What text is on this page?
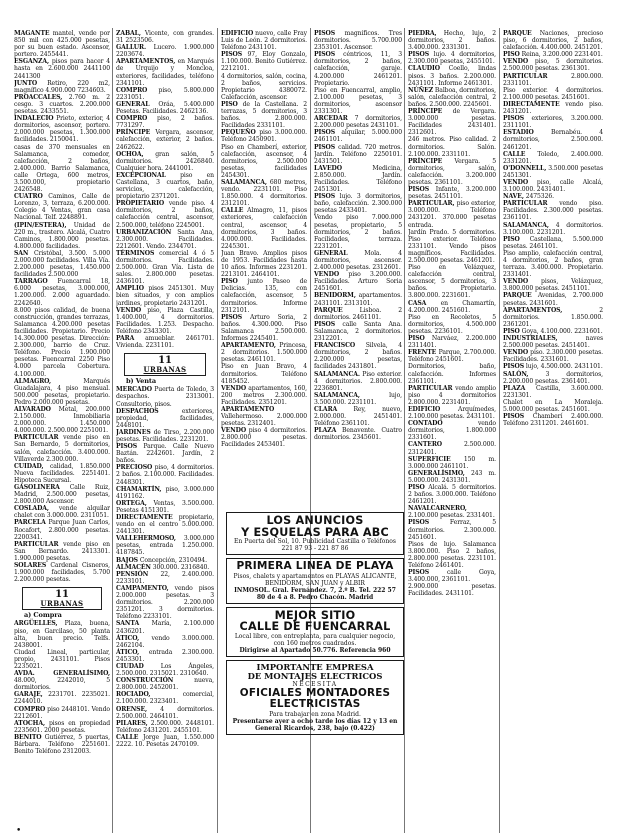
MAGANTE mantel, vende por 850 mil con 425.000 pesetas, por su buen estado. Ascensor, portero. 2455441.

ESGANZA, pisos para hacer 4 hasta en 2.600.000 2441100 2441300

JUNTO Retiro, 220 m2, magnífico 4.900.000 7234603.

PROACCALES, 2.760 m. 2 cesgo. 3 cuartos. 2.200.000 pesetas. 2433551.

INDALECIO Prieto, exterior, 4 dormitorios, ascensor, portero. 2.000.000 pesetas, 1.300.000 facilidades. 2150041.

casas de 370 mensuales en Salamanca, comedor, calefacción, 2 baños, 2.400.000. Barrio Salamanca, calle Ortega, 600 metros, 3.500.000, propietario 2426548.

CUATRO Caminos, Calle de Lorenzo, 3, terraza, 6.200.000. Colegio 4 Ventas, gran casa Nacional. Telf. 2248891.

(IPIN/ESTERA), Unidad de 220 m., trastero. Alcalá, Cuatro Caminos, 1.800.000 pesetas. 4.800.000 facilidades.

SAN Cristóbal, 3.500. 5.000 2.000.000 facilidades. Villa Vía. 2.200.000 pesetas, 1.450.000 facilidades 2.500.000

TARRAGO Fuencarral 18, 6.000 pesetas, 3.000.000, 1.200.000. 2.000 aguardado. 2242640.

8.000 pisos calidad, de buena construcción, grandes terrazas, Salamanca 4.200.000 pesetas facilidades. Propietario. Precio 14.300.000 pesetas. Dirección: 2.300.000, barrio de Cruz. Teléfono. Precio 1.900.000 pesetas. Fuencarral 2250 Piso 4.000 parcela Cobertura. 4.100.000.

ALMAGRO, Marqués Guadalajara, 4 piso mensual. 500.000 pesetas, propietario. Pedro 2.000.000 pesetas.

ALVARADO Metal, 200.000 2.150.000. Inmobiliaria 2.000.000. 1.450.000 4.000.000. 2.500.000 2251001.

PARTICULAR vende piso en San Bernardo, 5 dormitorios, salón, calefacción. 3.400.000. Villaverde 2.300.000.

CUIDAD, calidad, 1.850.000 Nueva facilidades. 2251401. Hipoteca Sucursal.

GASOLINERA Calle Ruiz, Madrid, 2.500.000 pesetas, 2.800.000 Ascensor.

COSLADA, vende alquilar chalet con 3.000.000. 2311051.

PARCELA Parque Juan Carlos, Rocafort, 2.800.000 pesetas. 2200341.

PARTICULAR vende piso en San Bernardo. 2413301. 1.900.000 pesetas.

SOLARES Cardenal Cisneros, 1.900.000 facilidades, 5.700 2.200.000 pesetas.

11
URBANAS
a) Compra

ARGÜELLES, Plaza, buena, piso, en Garcilaso, 50 planta alta, buen precio. Telfs. 2438001.

Ciudad Lineal, particular, propio, 2431101. Pisos 2235021.

AVDA. GENERALÍSIMO, 48.000, 2242010, 5 dormitorios.

GARAJE, 2231701. 2235021. 2244010.

COMPRO piso 2448101. Vendo 2212601.

ATOCHA, pisos en propiedad 2235601. 2000 pesetas.

BENITO Gutiérrez, 5 puertas, Bárbara. Teléfono 2251601. Benito Teléfono 2312003.

ZABAL, Vicente, con grandes. 31 2523506.

GALLUR. Lucero. 1.900.000 2203674.

APARTAMENTOS, en Marqués de Urquijo y Moncloa, exteriores, facilidades, teléfono 2341101.

COMPRO piso, 5.800.000 2231051.

GENERAL Oráa, 5.400.000 Pesetas. Facilidades. 2462136.

COMPRO piso, 2 baños. 7731297.

PRÍNCIPE Vergara, ascensor, calefacción, exterior, 2 baños. 2462622.

OCHOA, gran salón, 5 dormitorios. 2426840. Cualquier hora. 2441001.

EXCEPCIONAL piso en Castellana, 3 cuartos, baño, servicios, calefacción, propietario 2371201.

PROPIETARIO vende piso. 4 dormitorios, 2 baños, calefacción central, ascensor, 2.500.000, teléfono 2245001.

URBANIZACIÓN Santa Ana, 2.300.000. Facilidades. 2212601. Vendo. 2344701.

TÉRMINOS comercial 4 ó 5 dormitorios. Facilidades. 2.500.000. Gran Vía. Lista de sales. 2.800.000 pesetas. 2436101.

AMPLIO pisos 2451301. Muy bien situados, y con amplios jardines, propietario 2431201.

VENDO piso, Plaza Castilla, 1.400.000, 4 dormitorios. Facilidades. 1.253. Despacho. Teléfono 2343301.

PARA amueblar. 2461701. Vivienda. 2231101.

11
URBANAS
b) Venta

MERCADO Puerta de Toledo, 3 despachos. 2313001. Consultorio, pisos.

DESPACHOS exteriores, propiedad, facilidades, 2448101.

JARDINES de Tirso, 2.200.000 pesetas. Facilidades. 2231201.

PISOS Parque. Calle Nuevo Baztán. 2242601. Jardín, 2 baños.

PRECIOSO piso, 4 dormitorios. 2 baños. 2.100.000. Facilidades. 2448301.

CHAMARTÍN, piso, 3.000.000 4191162.

ORTEGA, Ventas, 3.500.000. Pesetas 4151301.

DIRECTAMENTE propietario, vendo en el centro 5.000.000. 2441301.

VALLEHERMOSO, 3.000.000 pesetas, entrada 1.250.000. 4187845.

BAJOS Concepción, 2310494.

ALMACÉN 300.000. 2316840.

PENSIÓN 22, 2.400.000. 2233101.

CAMPAMENTO, vendo pisos 2.000.000 pesetas. 3 dormitorios. 2.200.000 2351201. 3 dormitorios. Teléfono 2233101.

SANTA María, 2.100.000 2436201.

ÁTICO, vendo 3.000.000. 2462104.

ÁTICO, entrada 2.300.000. 2453301.

CIUDAD Los Ángeles, 2.500.000. 2315021. 2310640.

CONSTRUCCIÓN nueva, 2.800.000. 2452001.

ROCIADO, comercial, 2.100.000. 2323401.

ORENSE, 4 dormitorios. 2.500.000. 2464101.

PILARES, 2.500.000. 2448101. Teléfono 2431201. 2455101.

CALLE Jorge Juan, 1.550.000 2222. 10. Pesetas 2470109.

EDIFICIO nuevo, calle Fray Luis de León. 2 dormitorios. Teléfono 2431101.

PISOS 97, Eloy Gonzalo, 1.100.000. Benito Gutiérrez. 2212101.

4 dormitorios, salón, cocina, 2 baños, servicios. Propietario 4380072. Calefacción, ascensor.

PISO de la Castellana. 2 terrazas, 5 dormitorios, 3 baños. 2.800.000. Facilidades 2331101.

PEQUEÑO piso 3.000.000. Teléfono 2450901.

Piso en Chamberí, exterior, calefacción, ascensor, 4 dormitorios, 2.500.000 pesetas, facilidades 2454301.

SALAMANCA, 680 metros, vendo. 2231101. Piso 1.850.000. 4 dormitorios. 2312101.

CALLE Almagro, 11, pisos exteriores, calefacción central, ascensor, 4 dormitorios, 3 baños. 4.000.000. Facilidades. 2245301.

Juan Bravo. Amplios pisos de 1953. Facilidades hasta 10 años. Informes 2231201. 2213101. 2464101.

PISO junto Paseo de Delicias. 135, con calefacción, ascensor, 5 dormitorios. Informe 2312101.

PISOS Arturo Soria, 2 baños. 4.300.000. Piso Salamanca 2.500.000. Informes 2245401.

APARTAMENTO, Princesa, 2 dormitorios. 1.500.000 pesetas. 2461101.

Piso en Juan Bravo, 4 dormitorios. Teléfono 4185452.

VENDO apartamentos, 160, 200 metros 2.300.000. Facilidades. 2351201.

APARTAMENTO Vallehermoso. 2.000.000 pesetas. 2312401.

VENDO piso 4 dormitorios. 2.800.000 pesetas. Facilidades 2453401.

PISOS magníficos. Tres dormitorios. 5.700.000 2353101. Ascensor.

PISOS céntricos, 11, 3 dormitorios, 2 baños, calefacción, garaje. 4.200.000 2461201. Propietario.

Piso en Fuencarral, amplio, 2.100.000 pesetas, 3 dormitorios, ascensor 2331301.

ARCEDAR 7 dormitorios, 2.200.000 pesetas 2431101.

PISOS alquilar, 5.000.000 2461101.

PISOS calidad. 720 metros. Jardín. Teléfono 2250101. 2431501.

LAVEDO Medicina, 2.850.000. Jardín. Facilidades. Teléfono 2451301.

PISOS lujo. 3 dormitorios, baño, calefacción. 2.300.000 pesetas 2433401.

Vendo piso 7.000.000 pesetas, propietario, 5 dormitorios, 2 baños. Facilidades, terraza. 2231201.

GENERAL Mola. 4 dormitorios, ascensor. 2.400.000 pesetas. 2312601.

VENDO piso 3.200.000. Facilidades. Arturo Soria 2451601.

BENIDORM, apartamentos. 2431101. 2313101.

PARQUE Lisboa. 2 dormitorios. 2461101.

PISOS calle Santa Ana. Salamanca, 2 dormitorios. 2312201.

FRANCISCO Silvela, 4 dormitorios, 2 baños. 2.200.000 pesetas, facilidades 2431801.

SALAMANCA. Piso exterior. 4 dormitorios. 2.800.000. 2236801.

SALAMANCA, lujo, 3.500.000. 2231101.

CLARA Rey, nuevo, 2.000.000. 2451401. Teléfono 2361101.

PLAZA Benavente. Cuatro dormitorios. 2345601.

PIEDRA, Hecho, lujo, 2 dormitorios, 2 baños. 3.400.000. 2331301.

PISOS lujo. 4 dormitorios, 2.300.000 pesetas, 2455101.

CLAUDIO Coello, lindas pisos. 3 baños. 2.200.000. 2431101. Informe 2461301.

NÚÑEZ Balboa, dormitorios, salón, calefacción central, 2 baños. 2.500.000. 2245601.

PRÍNCIPE de Vergara. 3.000.000 pesetas. Facilidades 2431401. 2312601.

246 metros. Piso calidad. 2 dormitorios. Salón. 2.100.000. 2331101.

PRÍNCIPE Vergara. 5 dormitorios, salón, calefacción. 3.200.000 pesetas. 2361101.

PISOS Infante, 3.200.000 pesetas. 2451101.

PARTICULAR, piso exterior, 3.000.000. Teléfono 2431201. 370.000 pesetas entrada.

Jardín Prado. 5 dormitorios. Piso exterior. Teléfono 2331101. Vendo pisos magníficos. Facilidades. 2.500.000 pesetas. 2461201.

Piso en Velázquez, calefacción central, ascensor, 5 dormitorios, 3 baños. Propietario. 3.800.000. 2231601.

CASA en Chamartín, 4.200.000. 2451601.

Piso en Recoletos, 5 dormitorios, 4.500.000 pesetas. 2236101.

PISO Narváez, 2.200.000 2311401.

FRENTE Parque, 2.700.000. Teléfono 2451601.

Dormitorios, baño, calefacción. Informes 2361101.

PARTICULAR vendo amplio piso 4 dormitorios 2.800.000. 2231401.

EDIFICIO Arquímedes, 2.100.000 pesetas. 2431101.

CONTADO vendo dormitorios, 1.800.000 2331601.

CANTERO 2.500.000. 2312401.

SUPERFICIE 150 m. 3.000.000 2461101.

GENERALÍSIMO, 243 m. 5.000.000. 2431301.

PISO Alcalá. 5 dormitorios. 2 baños. 3.000.000. Teléfono 2461201.

NAVALCARNERO, 2.100.000 pesetas. 2331401.

PISOS Ferraz, 5 dormitorios. 2.300.000. 2451601.

Pisos de lujo. Salamanca 3.800.000. Piso 2 baños, 2.800.000 pesetas. 2231101. Teléfono 2461401.

PISOS calle Goya, 3.400.000, 2361101.

2.900.000 pesetas. Facilidades. 2431101.

PARQUE Naciones, precioso piso, 6 dormitorios, 2 baños, calefacción. 4.400.000. 2451201.

PISO Reina, 3.200.000 2231401.

VENDO piso, 5 dormitorios. 2.500.000 pesetas. 2361301.

PARTICULAR 2.800.000. 2331101.

Piso exterior. 4 dormitorios. 2.100.000 pesetas. 2451601.

DIRECTAMENTE vendo piso. 2431201.

PISOS exteriores, 3.200.000. 2311101.

ESTADIO Bernabéu. 4 dormitorios, 2.500.000. 2461201.

CALLE Toledo, 2.400.000. 2331201.

O'DONNELL, 3.500.000 pesetas 2451301.

VENDO piso, calle Alcalá, 3.100.000. 2431401.

NAVE, 2475326.

PARTICULAR vendo piso. Facilidades. 2.300.000 pesetas. 2361101.

SALAMANCA, 4 dormitorios. 3.100.000. 2231201.

PISO Castellana, 5.500.000 pesetas. 2461101.

Piso amplio, calefacción central, 4 dormitorios, 2 baños, gran terraza. 3.400.000. Propietario. 2331401.

VENDO pisos, Velázquez, 3.800.000 pesetas. 2451101.

PARQUE Avenidas, 2.700.000 pesetas. 2431601.

APARTAMENTOS, 2 dormitorios. 1.850.000. 2361201.

PISO Goya, 4.100.000. 2231601.

INDUSTRIALES, naves 2.500.000 pesetas. 2451401.

VENDO piso. 2.300.000 pesetas. Facilidades. 2331601.

PISOS lujo, 4.500.000. 2431101.

SALÓN, 3 dormitorios, 2.200.000 pesetas. 2361401.

PLAZA Castilla, 3.600.000. 2231301.

Chalet en La Moraleja. 5.000.000 pesetas. 2451601.

PISOS Chamberí 2.400.000. Teléfono 2311201. 2461601.

LOS ANUNCIOS
Y ESQUELAS PARA ABC
En Puerta del Sol, 10. Publicidad Castilla o Teléfonos 221 87 93 - 221 87 86
PRIMERA LINEA DE PLAYA
Pisos, chalets y apartamentos en PLAYAS ALICANTE, BENIDORM, SAN JUAN y ALBIR
INMOSOL. Gral. Fernández. 7, 2.º B. Tel. 222 57 80 de 4 a 8. Pedro Chacón. Madrid
MEJOR SITIO
CALLE DE FUENCARRAL
Local libre, con entreplanta, para cualquier negocio, con 160 metros cuadrados.
Dirigirse al Apartado 50.776. Referencia 960
IMPORTANTE EMPRESA
DE MONTAJES ELECTRICOS
NECESITA
OFICIALES MONTADORES
ELECTRICISTAS
Para trabajar en zona Madrid.
Presentarse ayer a ocho tarde los días 12 y 13 en General Ricardos, 238, bajo (0.422)
•
